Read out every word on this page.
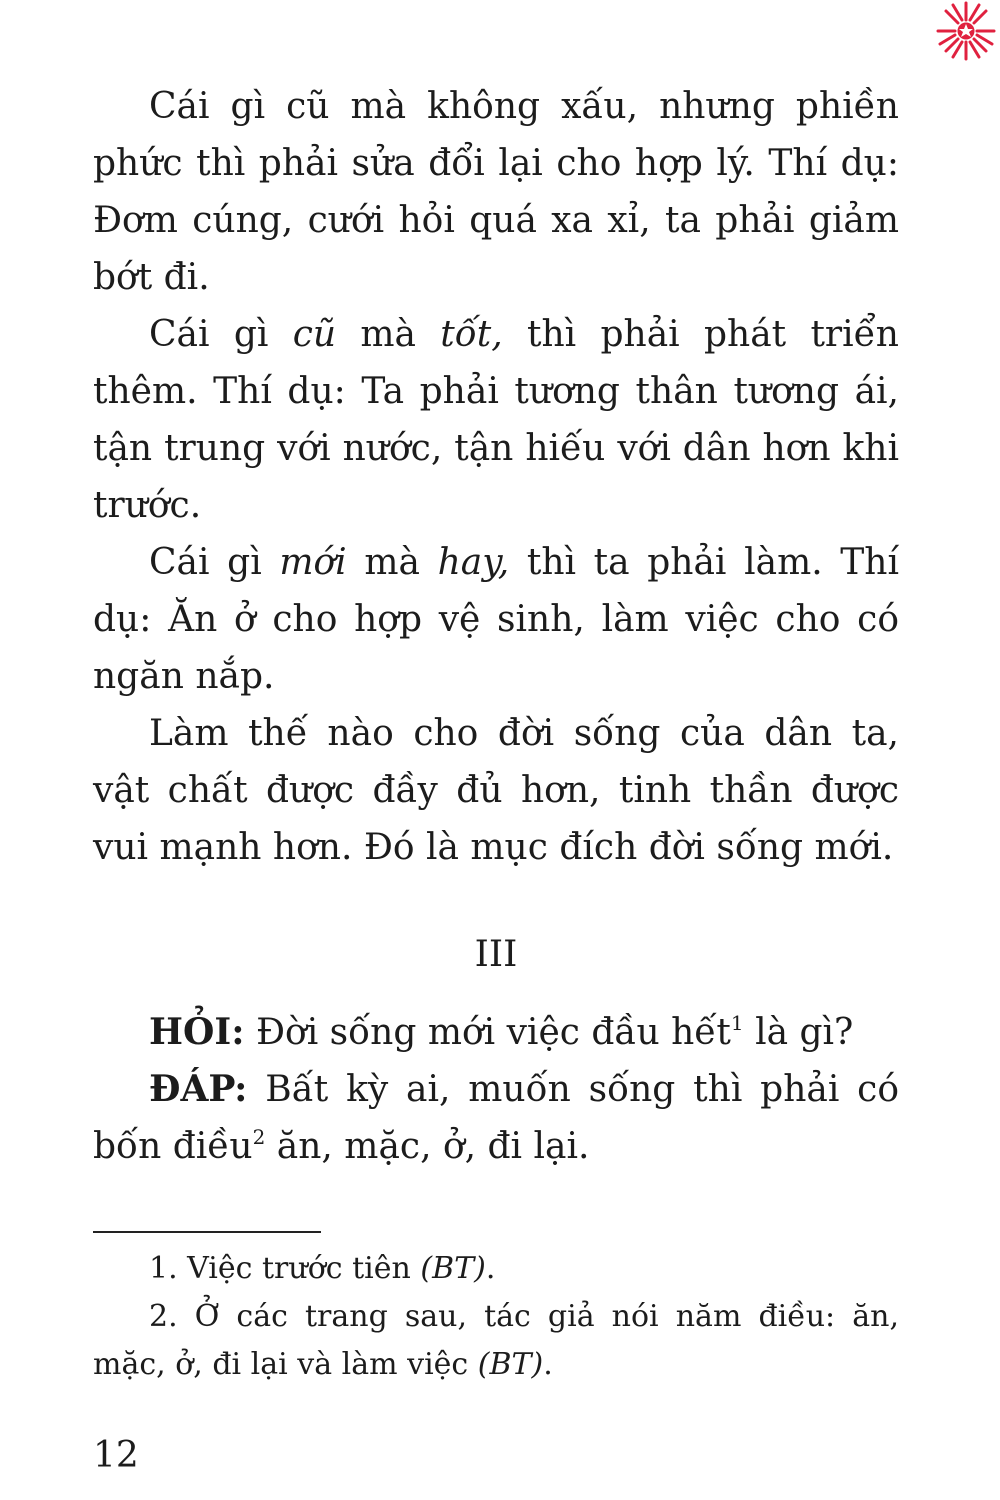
Cái gì cũ mà không xấu, nhưng phiền phức thì phải sửa đổi lại cho hợp lý. Thí dụ: Đơm cúng, cưới hỏi quá xa xỉ, ta phải giảm bớt đi.

Cái gì cũ mà tốt, thì phải phát triển thêm. Thí dụ: Ta phải tương thân tương ái, tận trung với nước, tận hiếu với dân hơn khi trước.

Cái gì mới mà hay, thì ta phải làm. Thí dụ: Ăn ở cho hợp vệ sinh, làm việc cho có ngăn nắp.

Làm thế nào cho đời sống của dân ta, vật chất được đầy đủ hơn, tinh thần được vui mạnh hơn. Đó là mục đích đời sống mới.

III

HỎI: Đời sống mới việc đầu hết$^1$ là gì?

ĐÁP: Bất kỳ ai, muốn sống thì phải có bốn điều$^2$ ăn, mặc, ở, đi lại.

1. Việc trước tiên (BT).

2. Ở các trang sau, tác giả nói năm điều: ăn, mặc, ở, đi lại và làm việc (BT).

12
